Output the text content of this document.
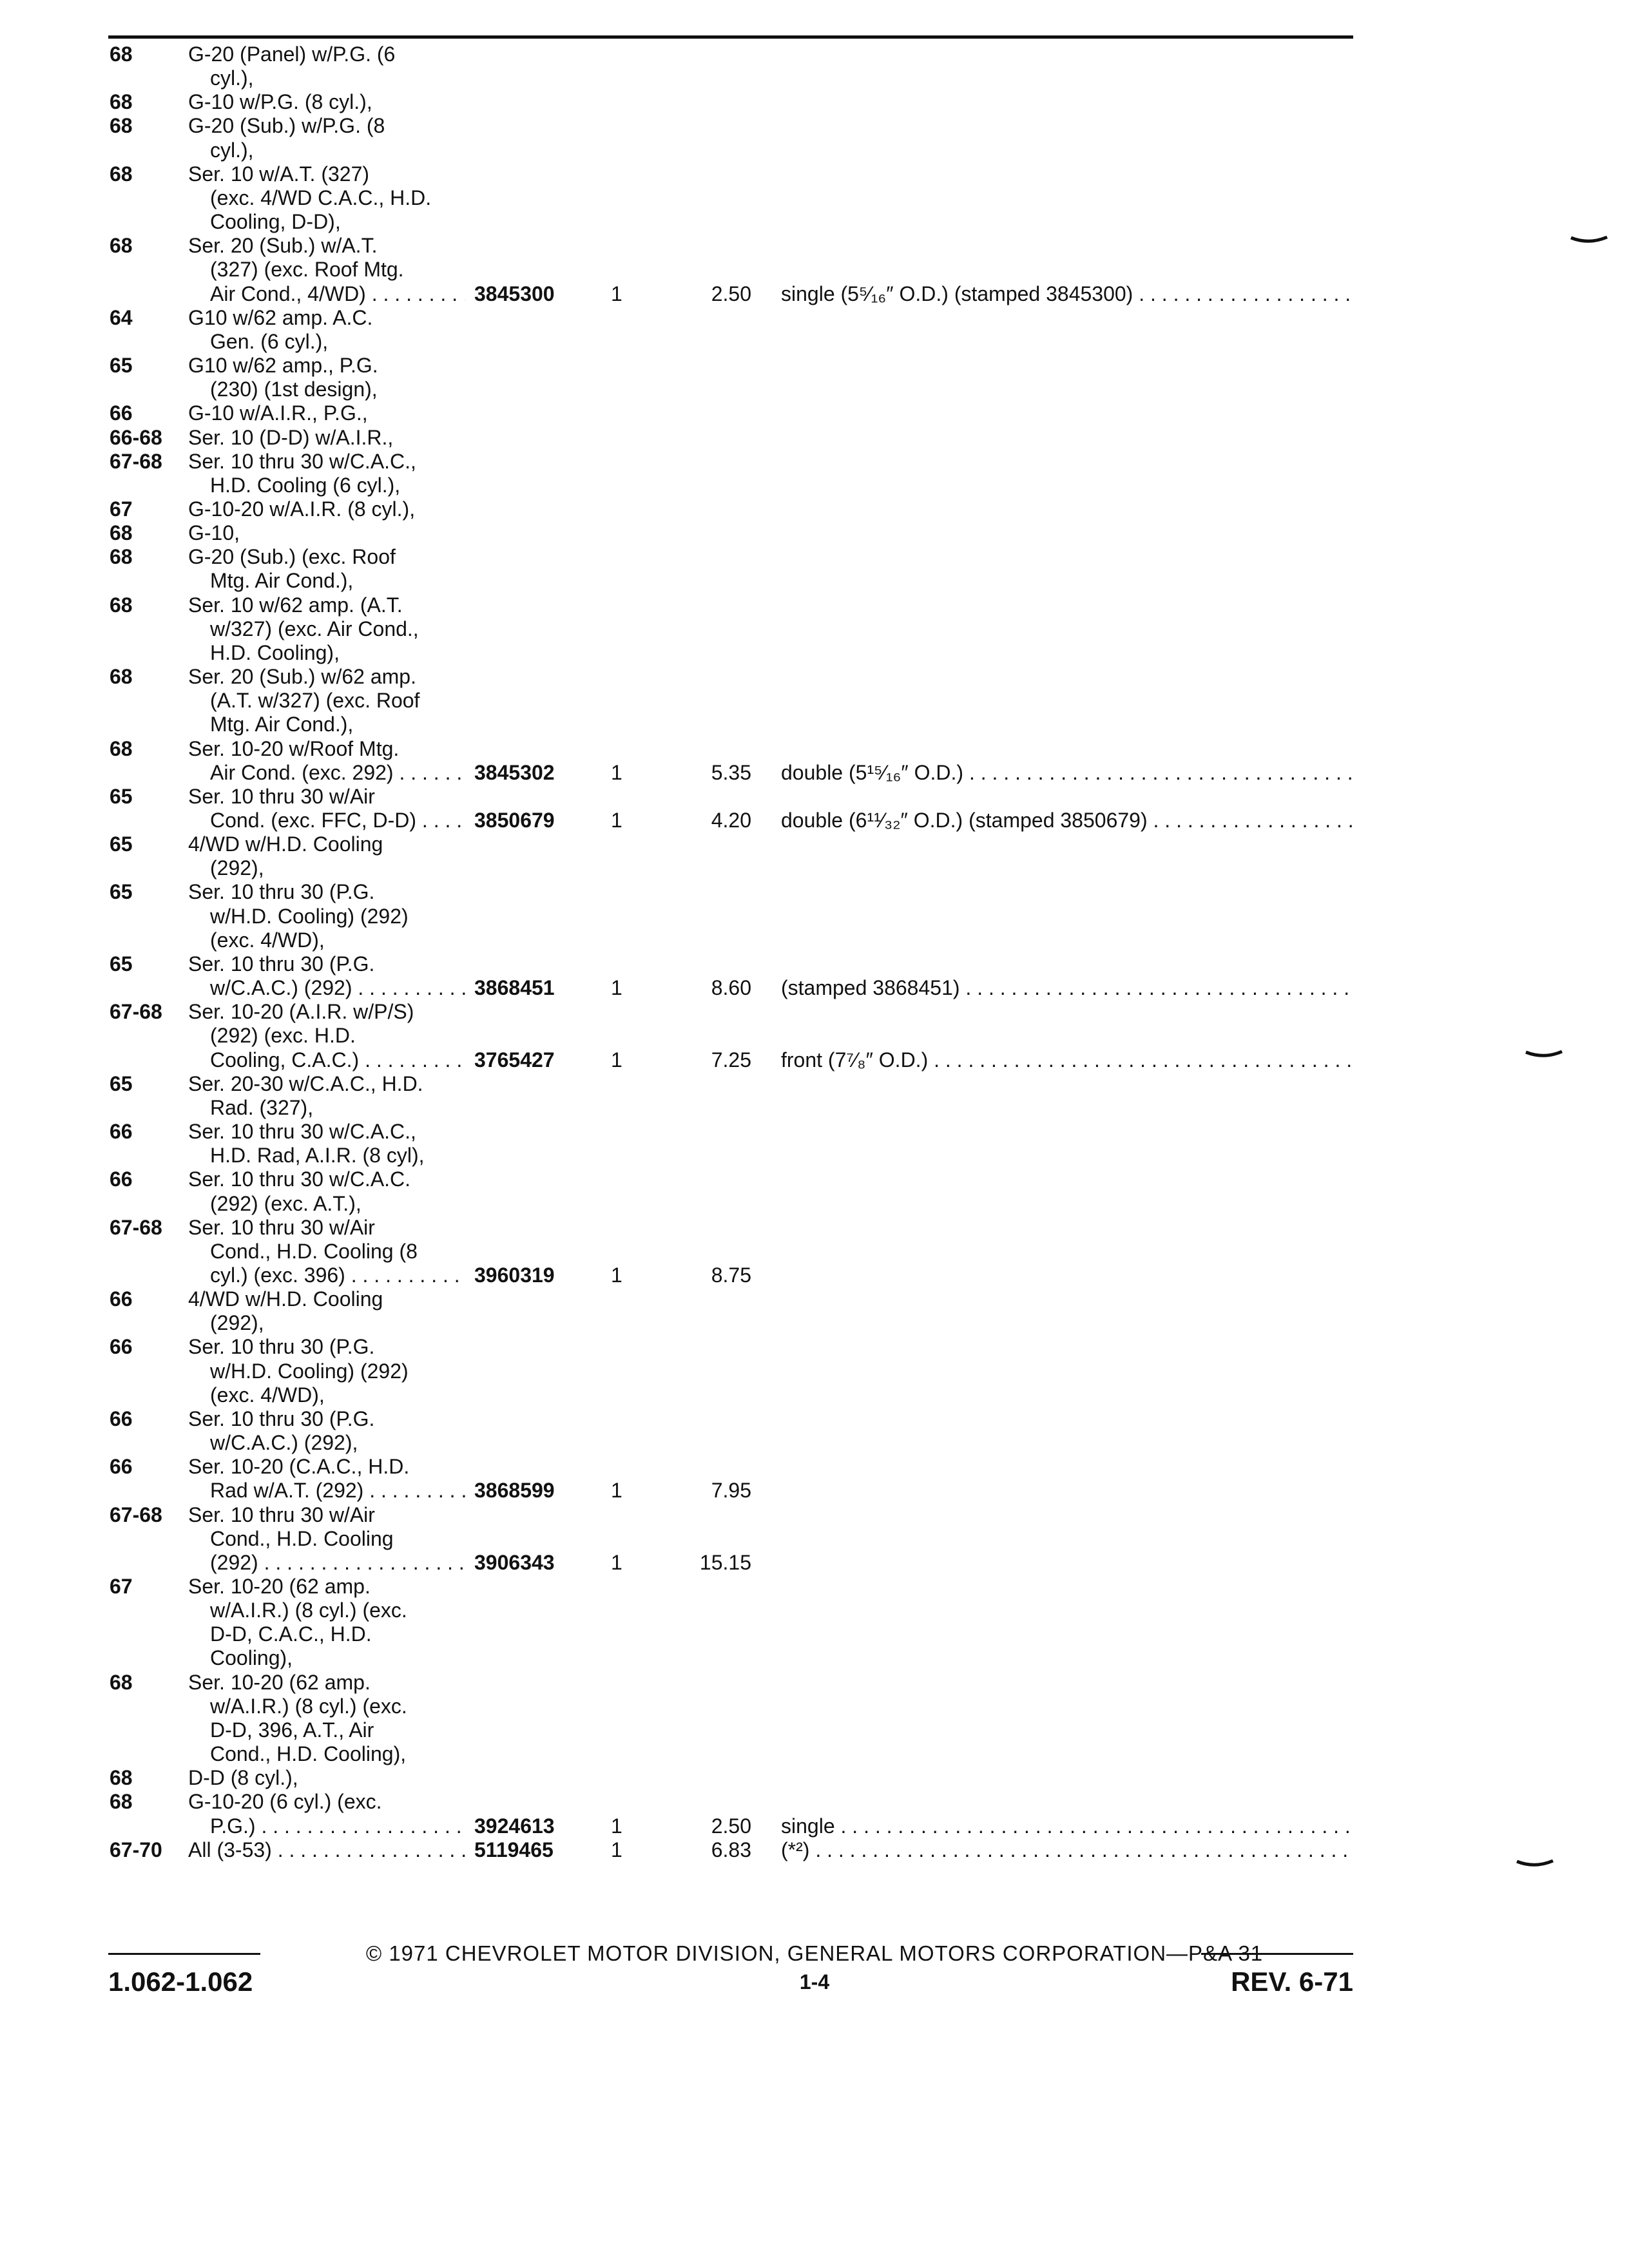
68	G-20 (Panel) w/P.G. (6
cyl.),
68	G-10 w/P.G. (8 cyl.),
68	G-20 (Sub.) w/P.G. (8
cyl.),
68	Ser. 10 w/A.T. (327)
(exc. 4/WD C.A.C., H.D.
Cooling, D-D),
68	Ser. 20 (Sub.) w/A.T.
(327) (exc. Roof Mtg.
Air Cond., 4/WD) . . .	3845300	1	2.50 single (5⁵⁄₁₆″ O.D.) (stamped 3845300) . . .
64	G10 w/62 amp. A.C.
Gen. (6 cyl.),
65	G10 w/62 amp., P.G.
(230) (1st design),
66	G-10 w/A.I.R., P.G.,
66-68	Ser. 10 (D-D) w/A.I.R.,
67-68	Ser. 10 thru 30 w/C.A.C.,
H.D. Cooling (6 cyl.),
67	G-10-20 w/A.I.R. (8 cyl.),
68	G-10,
68	G-20 (Sub.) (exc. Roof
Mtg. Air Cond.),
68	Ser. 10 w/62 amp. (A.T.
w/327) (exc. Air Cond.,
H.D. Cooling),
68	Ser. 20 (Sub.) w/62 amp.
(A.T. w/327) (exc. Roof
Mtg. Air Cond.),
68	Ser. 10-20 w/Roof Mtg.
Air Cond. (exc. 292) . . .	3845302	1	5.35 double (5¹⁵⁄₁₆″ O.D.) . . .
65	Ser. 10 thru 30 w/Air
Cond. (exc. FFC, D-D) . . .	3850679	1	4.20 double (6¹¹⁄₃₂″ O.D.) (stamped 3850679) . . .
65	4/WD w/H.D. Cooling
(292),
65	Ser. 10 thru 30 (P.G.
w/H.D. Cooling) (292)
(exc. 4/WD),
65	Ser. 10 thru 30 (P.G.
w/C.A.C.) (292) . . .	3868451	1	8.60 (stamped 3868451) . . .
67-68	Ser. 10-20 (A.I.R. w/P/S)
(292) (exc. H.D.
Cooling, C.A.C.) . . .	3765427	1	7.25 front (7⁷⁄₈″ O.D.) . . .
65	Ser. 20-30 w/C.A.C., H.D.
Rad. (327),
66	Ser. 10 thru 30 w/C.A.C.,
H.D. Rad, A.I.R. (8 cyl),
66	Ser. 10 thru 30 w/C.A.C.
(292) (exc. A.T.),
67-68	Ser. 10 thru 30 w/Air
Cond., H.D. Cooling (8
cyl.) (exc. 396) . . .	3960319	1	8.75
66	4/WD w/H.D. Cooling
(292),
66	Ser. 10 thru 30 (P.G.
w/H.D. Cooling) (292)
(exc. 4/WD),
66	Ser. 10 thru 30 (P.G.
w/C.A.C.) (292),
66	Ser. 10-20 (C.A.C., H.D.
Rad w/A.T. (292) . . .	3868599	1	7.95
67-68	Ser. 10 thru 30 w/Air
Cond., H.D. Cooling
(292) . . .	3906343	1	15.15
67	Ser. 10-20 (62 amp.
w/A.I.R.) (8 cyl.) (exc.
D-D, C.A.C., H.D.
Cooling),
68	Ser. 10-20 (62 amp.
w/A.I.R.) (8 cyl.) (exc.
D-D, 396, A.T., Air
Cond., H.D. Cooling),
68	D-D (8 cyl.),
68	G-10-20 (6 cyl.) (exc.
P.G.) . . .	3924613	1	2.50 single . . .
67-70	All (3-53) . . .	5119465	1	6.83 (*²) . . .
© 1971 CHEVROLET MOTOR DIVISION, GENERAL MOTORS CORPORATION—P&A 31
1.062-1.062	1-4	REV. 6-71
